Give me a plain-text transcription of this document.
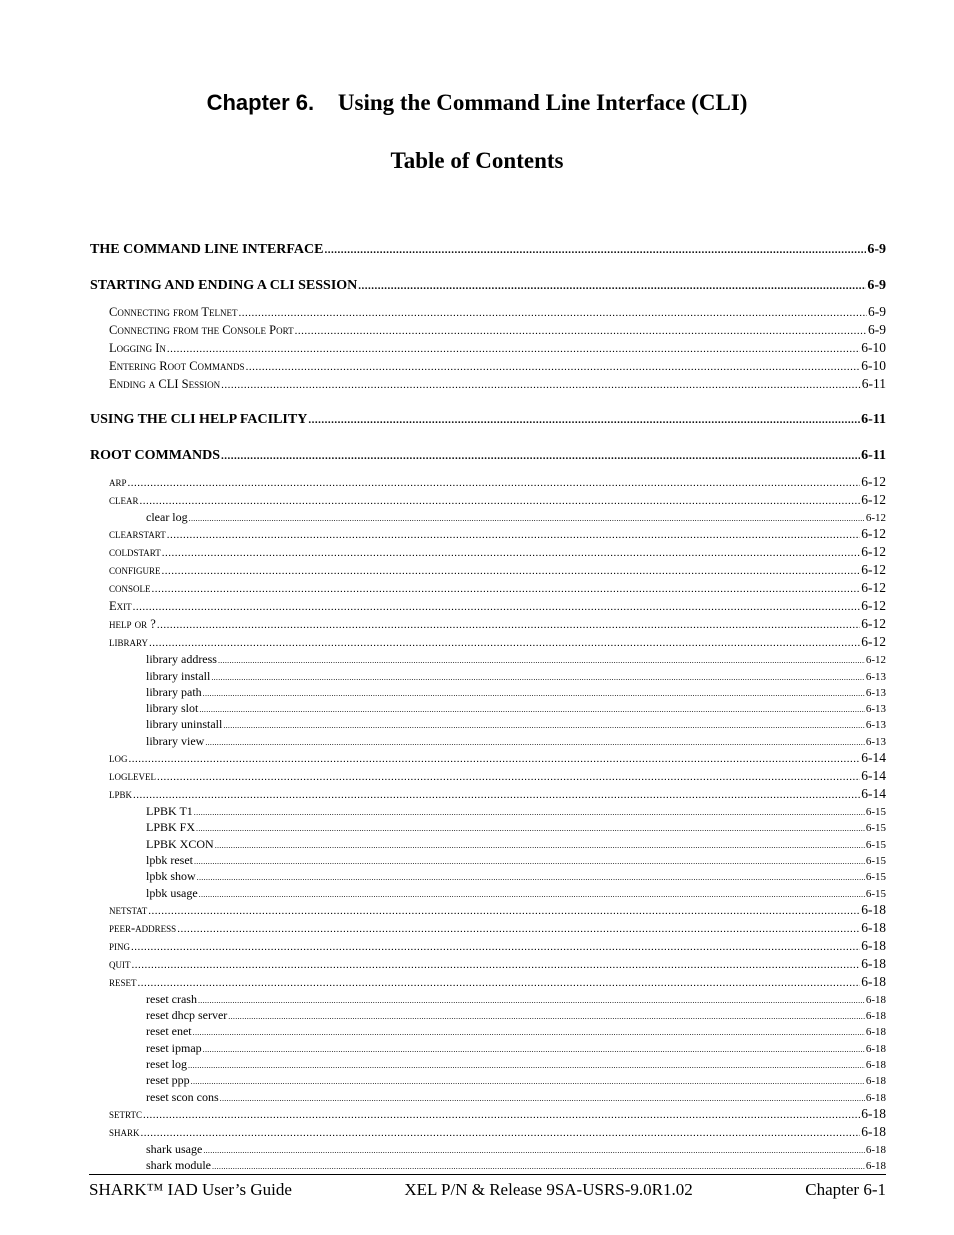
Chapter 6. Using the Command Line Interface (CLI)
Table of Contents
THE COMMAND LINE INTERFACE .....	6-9
STARTING AND ENDING A CLI SESSION .....	6-9
Connecting from Telnet .....	6-9
Connecting from the Console Port .....	6-9
Logging In .....	6-10
Entering Root Commands .....	6-10
Ending a CLI Session .....	6-11
USING THE CLI HELP FACILITY .....	6-11
ROOT COMMANDS .....	6-11
arp .....	6-12
clear .....	6-12
clear log .....	6-12
clearstart .....	6-12
coldstart .....	6-12
configure .....	6-12
console .....	6-12
Exit .....	6-12
help or ? .....	6-12
library .....	6-12
library address .....	6-12
library install .....	6-13
library path .....	6-13
library slot .....	6-13
library uninstall .....	6-13
library view .....	6-13
log .....	6-14
loglevel .....	6-14
lpbk .....	6-14
LPBK T1 .....	6-15
LPBK FX .....	6-15
LPBK XCON .....	6-15
lpbk reset .....	6-15
lpbk show .....	6-15
lpbk usage .....	6-15
netstat .....	6-18
peer-address .....	6-18
ping .....	6-18
quit .....	6-18
reset .....	6-18
reset crash .....	6-18
reset dhcp server .....	6-18
reset enet .....	6-18
reset ipmap .....	6-18
reset log .....	6-18
reset ppp .....	6-18
reset scon cons .....	6-18
setrtc .....	6-18
shark .....	6-18
shark usage .....	6-18
shark module .....	6-18
SHARK™ IAD User’s Guide	XEL P/N & Release 9SA-USRS-9.0R1.02	Chapter 6-1
